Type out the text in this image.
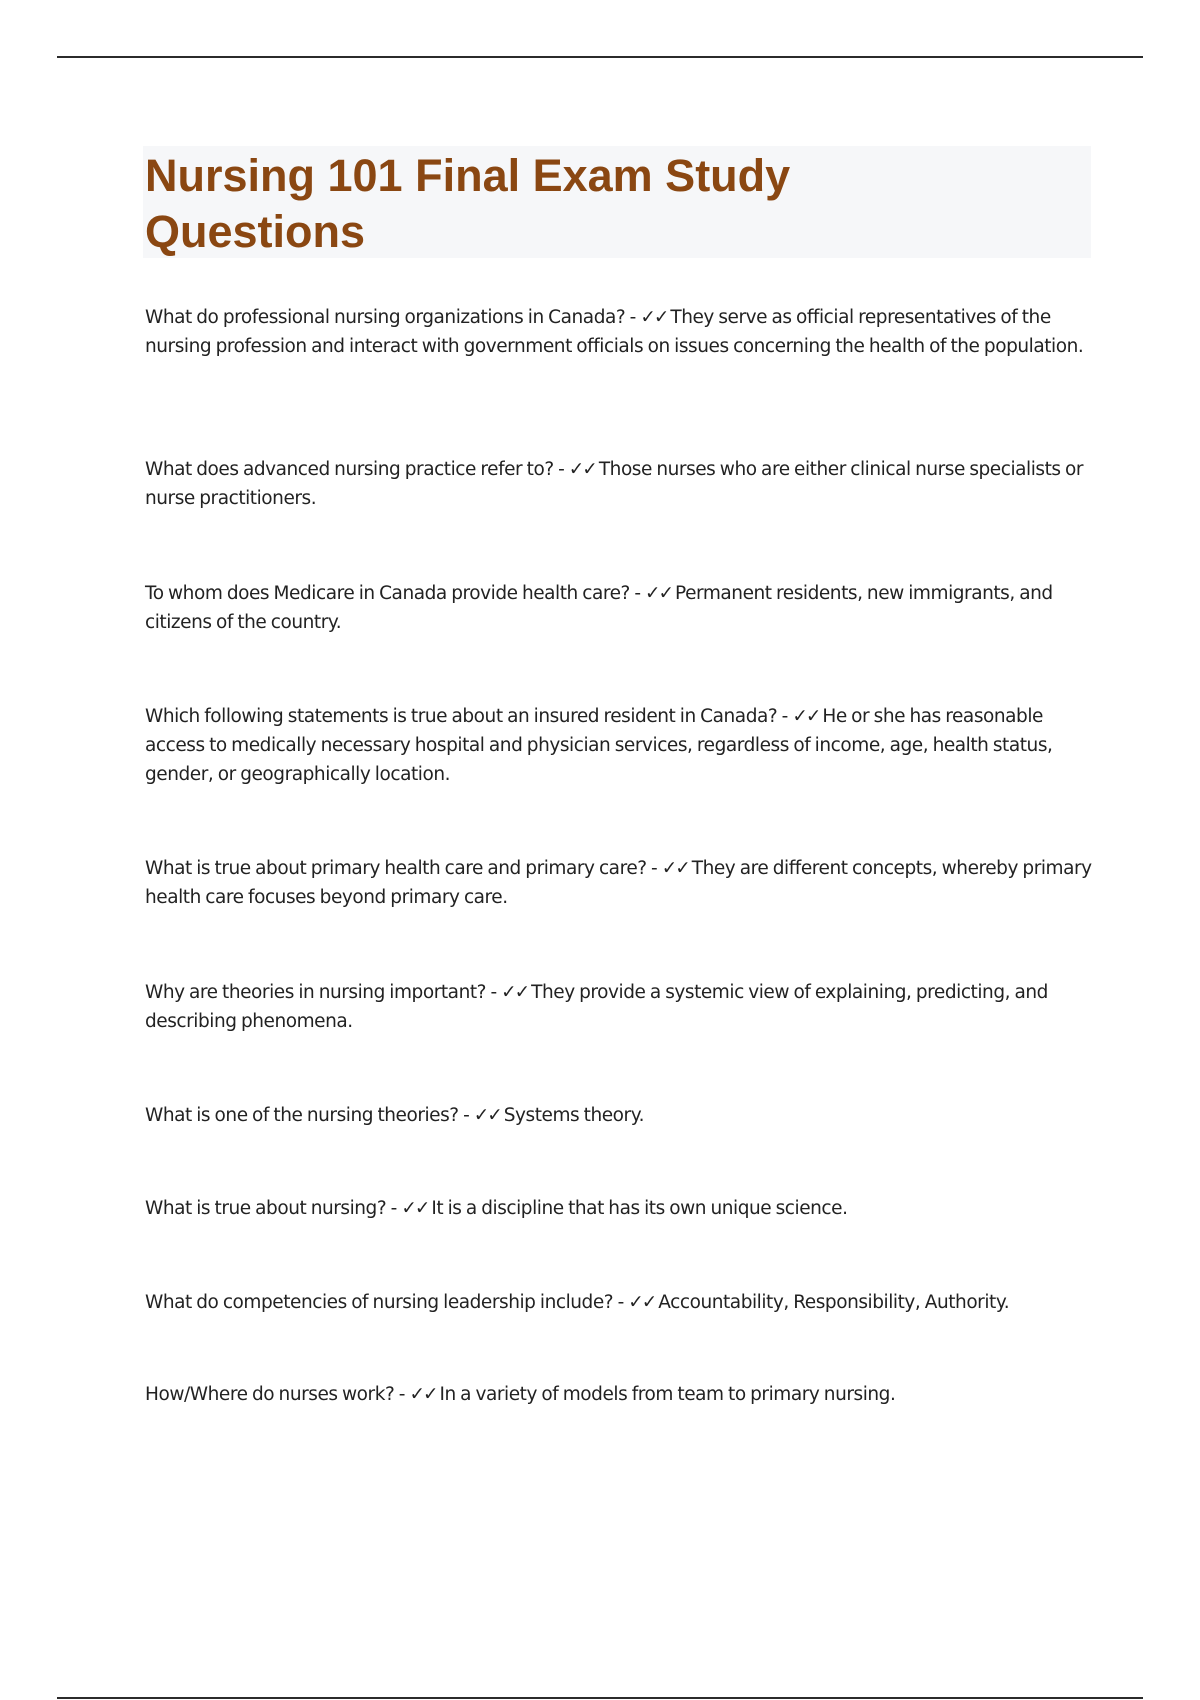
Nursing 101 Final Exam Study Questions

What do professional nursing organizations in Canada? - ✓✓ They serve as official representatives of the nursing profession and interact with government officials on issues concerning the health of the population.

What does advanced nursing practice refer to? - ✓✓ Those nurses who are either clinical nurse specialists or nurse practitioners.

To whom does Medicare in Canada provide health care? - ✓✓ Permanent residents, new immigrants, and citizens of the country.

Which following statements is true about an insured resident in Canada? - ✓✓ He or she has reasonable access to medically necessary hospital and physician services, regardless of income, age, health status, gender, or geographically location.

What is true about primary health care and primary care? - ✓✓ They are different concepts, whereby primary health care focuses beyond primary care.

Why are theories in nursing important? - ✓✓ They provide a systemic view of explaining, predicting, and describing phenomena.

What is one of the nursing theories? - ✓✓ Systems theory.

What is true about nursing? - ✓✓ It is a discipline that has its own unique science.

What do competencies of nursing leadership include? - ✓✓ Accountability, Responsibility, Authority.

How/Where do nurses work? - ✓✓ In a variety of models from team to primary nursing.
